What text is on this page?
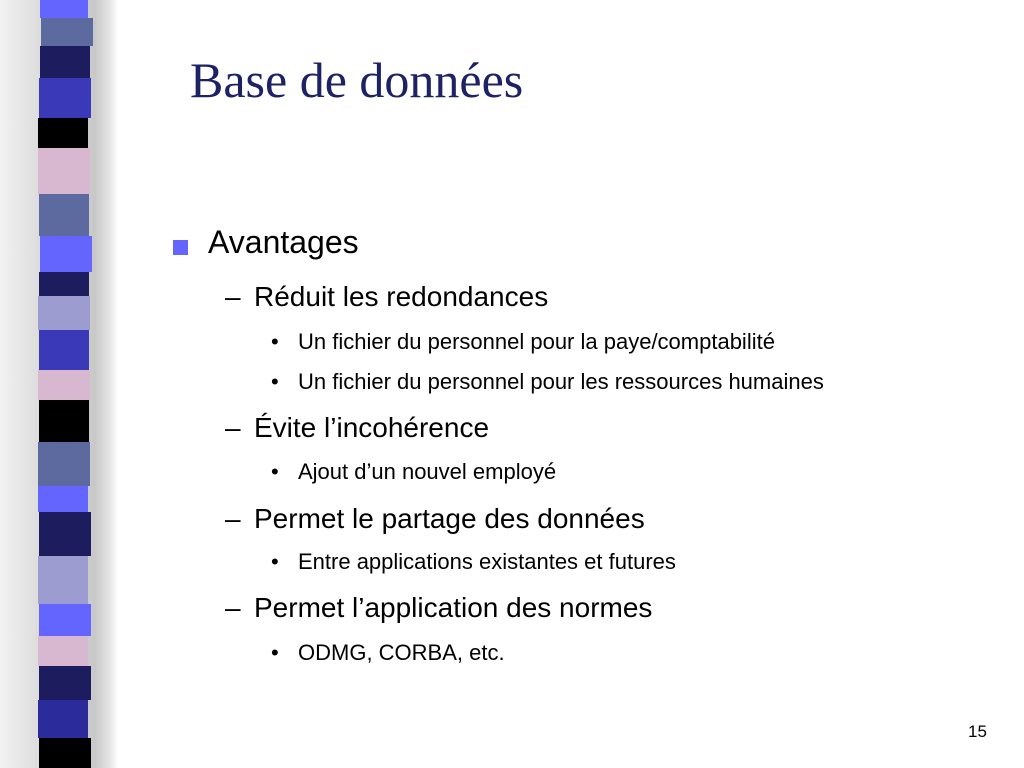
Base de données
Avantages
– Réduit les redondances
• Un fichier du personnel pour la paye/comptabilité
• Un fichier du personnel pour les ressources humaines
– Évite l’incohérence
• Ajout d’un nouvel employé
– Permet le partage des données
• Entre applications existantes et futures
– Permet l’application des normes
• ODMG, CORBA, etc.
15
